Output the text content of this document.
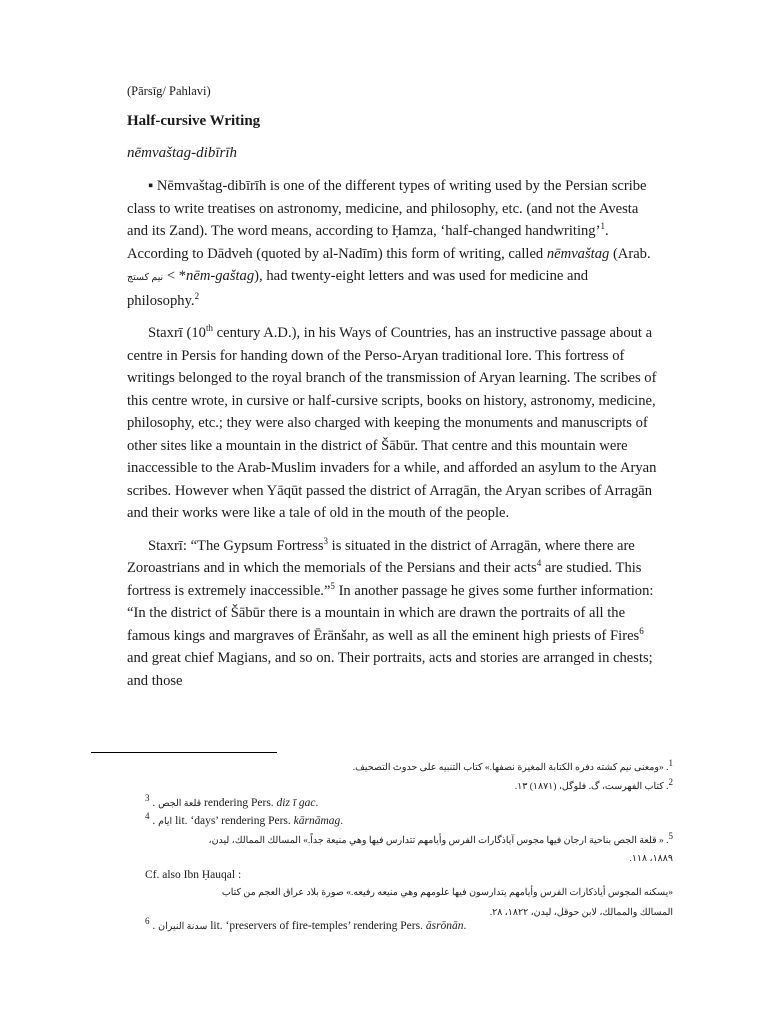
(Pārsīg/ Pahlavi)
Half-cursive Writing
nēmvaštag-dibīrīh

▪ Nēmvaštag-dibīrīh is one of the different types of writing used by the Persian scribe class to write treatises on astronomy, medicine, and philosophy, etc. (and not the Avesta and its Zand). The word means, according to Ḥamza, ‘half-changed handwriting’$^1$. According to Dādveh (quoted by al-Nadīm) this form of writing, called nēmvaštag (Arab. نيم كستج < *nēm-gaštag), had twenty-eight letters and was used for medicine and philosophy.$^2$

Staxrī (10th century A.D.), in his Ways of Countries, has an instructive passage about a centre in Persis for handing down of the Perso-Aryan traditional lore. This fortress of writings belonged to the royal branch of the transmission of Aryan learning. The scribes of this centre wrote, in cursive or half-cursive scripts, books on history, astronomy, medicine, philosophy, etc.; they were also charged with keeping the monuments and manuscripts of other sites like a mountain in the district of Šābūr. That centre and this mountain were inaccessible to the Arab-Muslim invaders for a while, and afforded an asylum to the Aryan scribes. However when Yāqūt passed the district of Arragān, the Aryan scribes of Arragān and their works were like a tale of old in the mouth of the people.

Staxrī: “The Gypsum Fortress$^3$ is situated in the district of Arragān, where there are Zoroastrians and in which the memorials of the Persians and their acts$^4$ are studied. This fortress is extremely inaccessible.”$^5$ In another passage he gives some further information: “In the district of Šābūr there is a mountain in which are drawn the portraits of all the famous kings and margraves of Ērānšahr, as well as all the eminent high priests of Fires$^6$ and great chief Magians, and so on. Their portraits, acts and stories are arranged in chests; and those

$^1$. «ومعنى نيم كشته دفره الكتابة المغيرة نصفها.» كتاب التنبيه على حدوث التصحيف.
$^2$. كتاب الفهرست، گ. فلوگل، (١٨٧١) ١٣.
$^3$ . قلعة الجص rendering Pers. diz ī gac.
$^4$ . ايام lit. ‘days’ rendering Pers. kārnāmag.
$^5$. « قلعة الجص بناحية ارجان فيها مجوس آياذگارات الفرس وأيامهم تتدارس فيها وهي منيعة جداً.» المسالك الممالك، ليدن،
١٨٨٩، ١١٨.
Cf. also Ibn Ḥauqal :
«يسكنه المجوس أياذكارات الفرس وأيامهم يتدارسون فيها علومهم وهي منيعه رفيعه.» صورة بلاد عراق العجم من كتاب
المسالك والممالك، لابن حوقل، ليدن، ١٨٢٢، ٢٨.
$^6$ . سدنة النيران lit. ‘preservers of fire-temples’ rendering Pers. āsrōnān.
